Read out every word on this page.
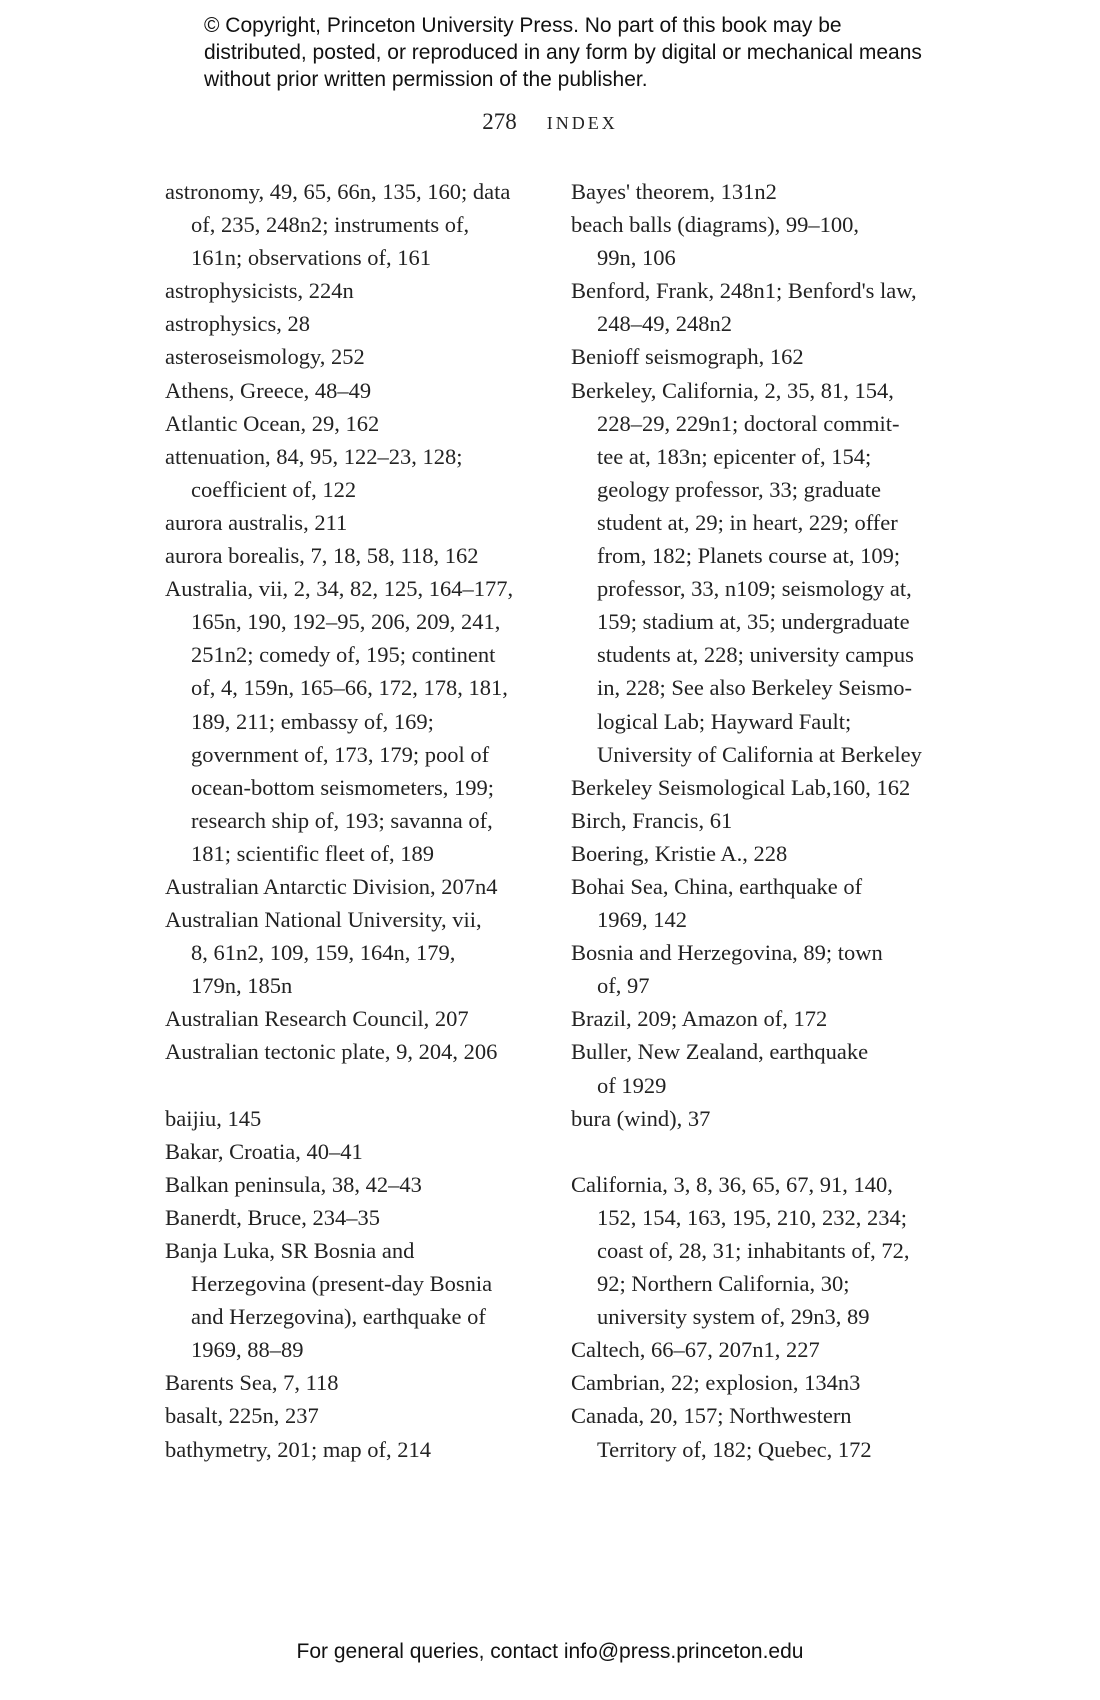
© Copyright, Princeton University Press. No part of this book may be distributed, posted, or reproduced in any form by digital or mechanical means without prior written permission of the publisher.
278 INDEX
astronomy, 49, 65, 66n, 135, 160; data
of, 235, 248n2; instruments of,
161n; observations of, 161
astrophysicists, 224n
astrophysics, 28
asteroseismology, 252
Athens, Greece, 48–49
Atlantic Ocean, 29, 162
attenuation, 84, 95, 122–23, 128;
coefficient of, 122
aurora australis, 211
aurora borealis, 7, 18, 58, 118, 162
Australia, vii, 2, 34, 82, 125, 164–177,
165n, 190, 192–95, 206, 209, 241,
251n2; comedy of, 195; continent
of, 4, 159n, 165–66, 172, 178, 181,
189, 211; embassy of, 169;
government of, 173, 179; pool of
ocean-bottom seismometers, 199;
research ship of, 193; savanna of,
181; scientific fleet of, 189
Australian Antarctic Division, 207n4
Australian National University, vii,
8, 61n2, 109, 159, 164n, 179,
179n, 185n
Australian Research Council, 207
Australian tectonic plate, 9, 204, 206
baijiu, 145
Bakar, Croatia, 40–41
Balkan peninsula, 38, 42–43
Banerdt, Bruce, 234–35
Banja Luka, SR Bosnia and
Herzegovina (present-day Bosnia
and Herzegovina), earthquake of
1969, 88–89
Barents Sea, 7, 118
basalt, 225n, 237
bathymetry, 201; map of, 214
Bayes' theorem, 131n2
beach balls (diagrams), 99–100,
99n, 106
Benford, Frank, 248n1; Benford's law,
248–49, 248n2
Benioff seismograph, 162
Berkeley, California, 2, 35, 81, 154,
228–29, 229n1; doctoral commit-
tee at, 183n; epicenter of, 154;
geology professor, 33; graduate
student at, 29; in heart, 229; offer
from, 182; Planets course at, 109;
professor, 33, n109; seismology at,
159; stadium at, 35; undergraduate
students at, 228; university campus
in, 228; See also Berkeley Seismo-
logical Lab; Hayward Fault;
University of California at Berkeley
Berkeley Seismological Lab,160, 162
Birch, Francis, 61
Boering, Kristie A., 228
Bohai Sea, China, earthquake of
1969, 142
Bosnia and Herzegovina, 89; town
of, 97
Brazil, 209; Amazon of, 172
Buller, New Zealand, earthquake
of 1929
bura (wind), 37
California, 3, 8, 36, 65, 67, 91, 140,
152, 154, 163, 195, 210, 232, 234;
coast of, 28, 31; inhabitants of, 72,
92; Northern California, 30;
university system of, 29n3, 89
Caltech, 66–67, 207n1, 227
Cambrian, 22; explosion, 134n3
Canada, 20, 157; Northwestern
Territory of, 182; Quebec, 172
For general queries, contact info@press.princeton.edu
